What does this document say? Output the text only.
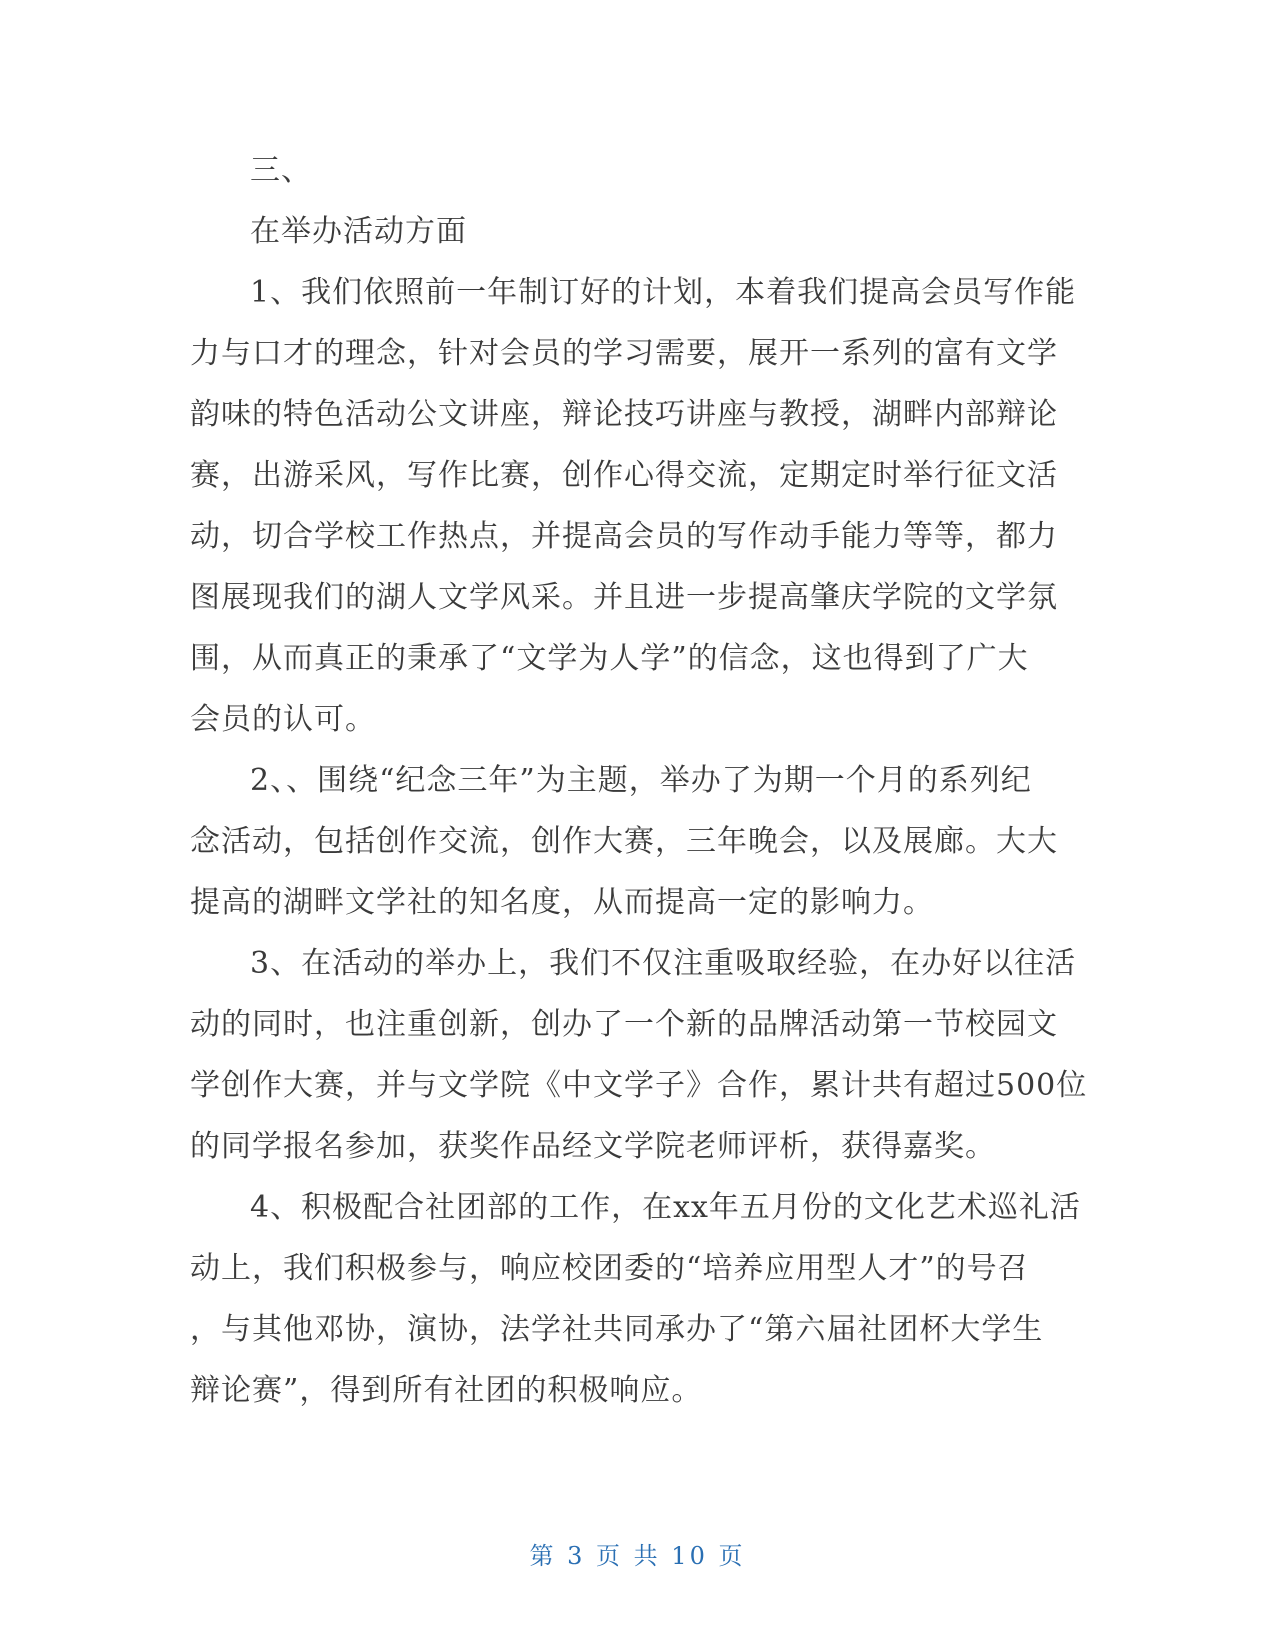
三、
在举办活动方面
1、我们依照前一年制订好的计划，本着我们提高会员写作能
力与口才的理念，针对会员的学习需要，展开一系列的富有文学
韵味的特色活动公文讲座，辩论技巧讲座与教授，湖畔内部辩论
赛，出游采风，写作比赛，创作心得交流，定期定时举行征文活
动，切合学校工作热点，并提高会员的写作动手能力等等，都力
图展现我们的湖人文学风采。并且进一步提高肇庆学院的文学氛
围，从而真正的秉承了“文学为人学”的信念，这也得到了广大
会员的认可。
2、、围绕“纪念三年”为主题，举办了为期一个月的系列纪
念活动，包括创作交流，创作大赛，三年晚会，以及展廊。大大
提高的湖畔文学社的知名度，从而提高一定的影响力。
3、在活动的举办上，我们不仅注重吸取经验，在办好以往活
动的同时，也注重创新，创办了一个新的品牌活动第一节校园文
学创作大赛，并与文学院《中文学子》合作，累计共有超过500位
的同学报名参加，获奖作品经文学院老师评析，获得嘉奖。
4、积极配合社团部的工作，在xx年五月份的文化艺术巡礼活
动上，我们积极参与，响应校团委的“培养应用型人才”的号召
，与其他邓协，演协，法学社共同承办了“第六届社团杯大学生
辩论赛”，得到所有社团的积极响应。
第 3 页 共 10 页
